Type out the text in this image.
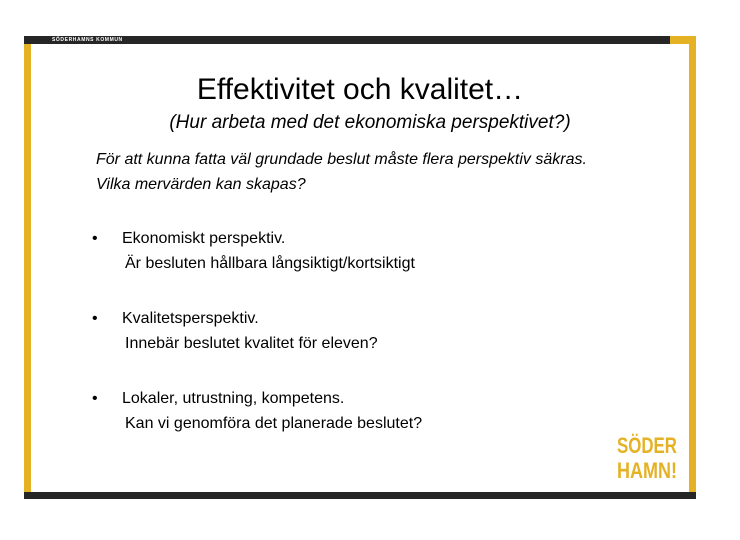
SÖDERHAMNS KOMMUN
Effektivitet och kvalitet…
(Hur arbeta med det ekonomiska perspektivet?)
För att kunna fatta väl grundade beslut måste flera perspektiv säkras.
Vilka mervärden kan skapas?
• Ekonomiskt perspektiv.
Är besluten hållbara långsiktigt/kortsiktigt
• Kvalitetsperspektiv.
Innebär beslutet kvalitet för eleven?
• Lokaler, utrustning, kompetens.
Kan vi genomföra det planerade beslutet?
SÖDER
HAMN!
